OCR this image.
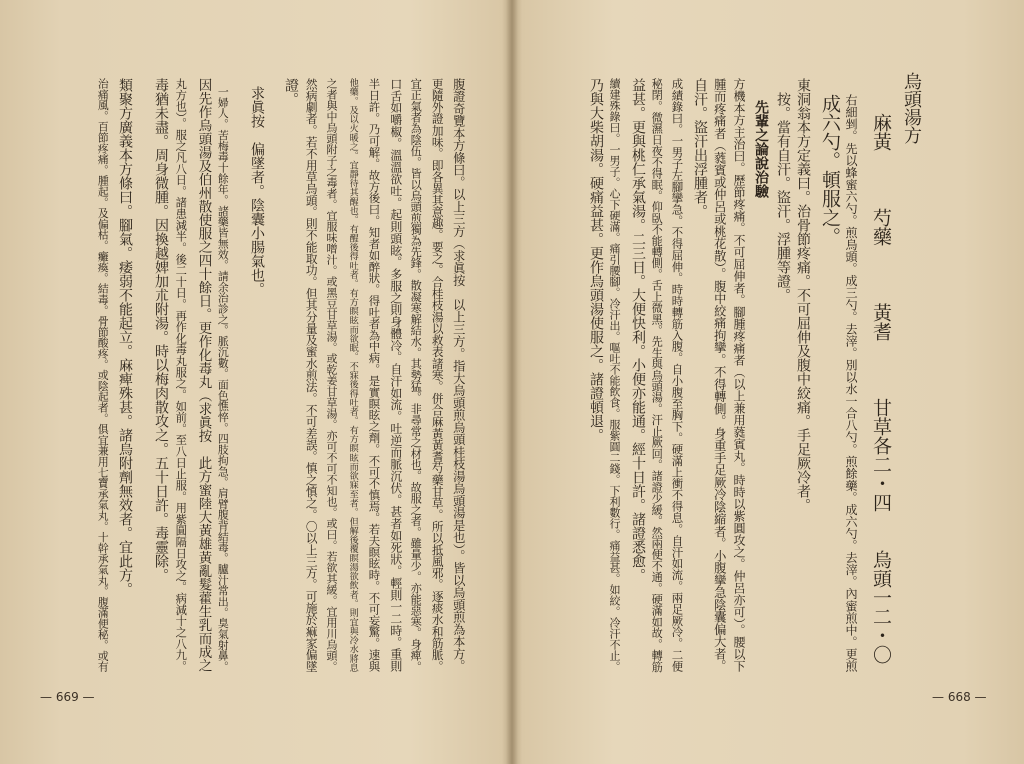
烏頭湯方
　麻黃　　　芍藥　　　黃耆　　　甘草各二・四　　烏頭一二・〇
右細剉。先以蜂蜜六勺。煎烏頭。成三勺。去滓。別以水一合八勺。煎餘藥。成六勺。去滓。內蜜煎中。更煎
成六勺。頓服之。
東洞翁本方定義曰。治骨節疼痛。不可屈伸及腹中絞痛。手足厥冷者。
　按。當有自汗。盜汗。浮腫等證。
　先輩之論說治驗
方機本方主治曰。歷節疼痛。不可屈伸者。腳腫疼痛者（以上兼用蕤賓丸。時時以紫圓攻之。仲呂亦可）。腰以下
腫而疼痛者（蕤賓或仲呂或桃花散）。腹中絞痛拘攣。不得轉側。身重手足厥冷陰縮者。小腹攣急陰囊偏大者。
自汗。盜汗出浮腫者。
成績錄曰。一男子左腳攣急。不得屈伸。時時轉筋入腹。自小腹至胸下。硬滿上衝不得息。自汗如流。兩足厥冷。二便
秘閉。微濕日夜不得眠。仰臥不能轉側。舌上微黑。先生與烏頭湯。汗止厥回。諸證少緩。然兩便不通。硬滿如故。轉筋
益甚。更與桃仁承氣湯。二三日。大便快利。小便亦能通。經十日許。諸證悉愈。
續建殊錄曰。一男子。心下硬滿。痛引腰腳。冷汗出。嘔吐不能飲食。服紫圓二錢。下利數行。痛益甚。如絞。冷汗不止。
乃與大柴胡湯。硬痛益甚。更作烏頭湯使服之。諸證頓退。
— 668 —
腹證奇覽本方條曰。以上三方（求眞按　以上三方。指大烏頭煎烏頭桂枝湯烏頭湯是也）。皆以烏頭煎為本方。
更隨外證加味。即各異其意趣。要之。合桂枝湯以救表諸寒。併合麻黃黃耆芍藥甘草。所以抵風邪。逐痰水和筋脈。
宜正氣者為陰伍。皆以烏頭煎獨為先鋒。散凝寒解結水。其勢猛。非尋常之材也。故服之者。雖量少。亦能惡寒。身痺。
口舌如嚼椒。溫溫欲吐。起則頭眩。多服之則身體冷。自汗如流。吐逆而脈沉伏。甚者如死狀。輕則一二時。重則
半日許。乃可解。故方後曰。知者如醉狀。得吐者為中病。是實瞑眩之劑。不可不慎焉。若夫瞑眩時。不可妄驚。速與
他藥。及以火暖之。宜靜待其醒也。有醒後得吐者。有方瞑眩而欲眠。不寐後得吐者。有方瞑眩而欲寐至者。但解後覆瞑湯欲飲者。則宜與冷水將息
之者與中烏頭附子之毒者。宜服味噌汁。或黑豆甘草湯。或乾姜甘草湯。亦可不可不知也。或曰。若欲其緩。宜用川烏頭。
然病劇者。若不用草烏頭。則不能取功。但其分量及蜜水煎法。不可差誤。慎之慎之。〇以上三方。可施於痲家偏墜
證。
求眞按　偏墜者。陰囊小腸氣也。
一婦人。苦梅毒十餘年。諸藥皆無效。請余治診之。脈沉數。面色憔悴。四肢拘急。肩臂腹背結毒。臚汁常出。臭氣射鼻。
因先作烏頭湯及伯州散使服之四十餘日。更作化毒丸（求眞按　此方蜜陸大黃雄黃亂髮藿生乳而成之
丸方也）。服之凡八日。諸患減半。後二十日。再作化毒丸服之。如前。至八日止服。用紫圓隔日攻之。病減十之八九。
毒猶未盡。周身微腫。因換越婢加朮附湯。時以梅肉散攻之。五十日許。毒靈除。
類聚方廣義本方條曰。腳氣。痿弱不能起立。麻痺殊甚。諸烏附劑無效者。宜此方。
治痛風。百節疼痛。腫起。及偏枯。癱瘓。結毒。骨節酸疼。或陰起者。俱宜兼用七寶承氣丸。十幹承氣丸。腹滿便秘。或有
— 669 —
